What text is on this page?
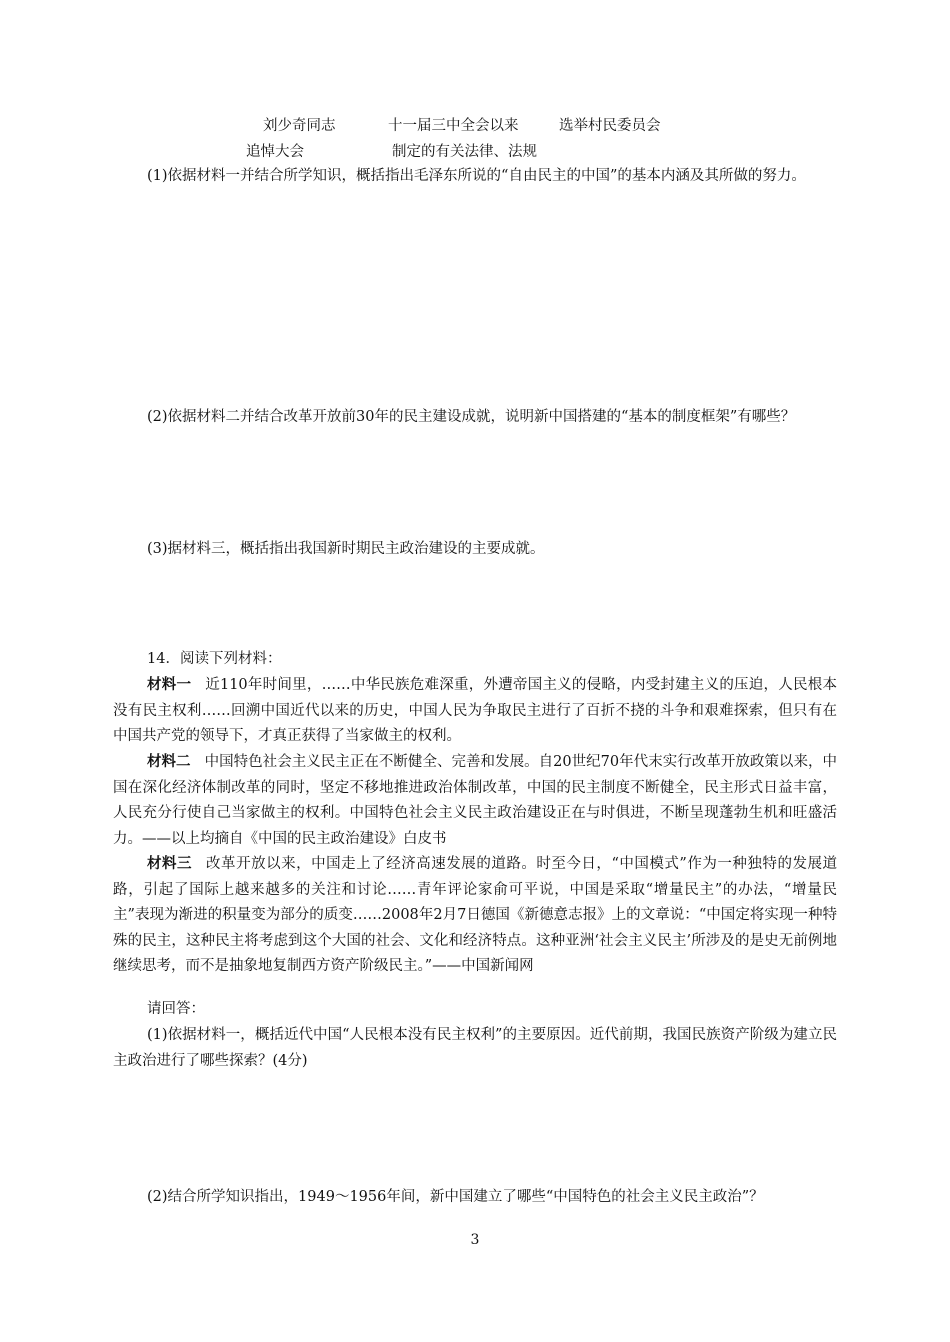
刘少奇同志	十一届三中全会以来	选举村民委员会
追悼大会	制定的有关法律、法规
(1)依据材料一并结合所学知识，概括指出毛泽东所说的“自由民主的中国”的基本内涵及其所做的努力。
(2)依据材料二并结合改革开放前30年的民主建设成就，说明新中国搭建的“基本的制度框架”有哪些？
(3)据材料三，概括指出我国新时期民主政治建设的主要成就。
14．阅读下列材料：
材料一 近110年时间里，……中华民族危难深重，外遭帝国主义的侵略，内受封建主义的压迫，人民根本没有民主权利……回溯中国近代以来的历史，中国人民为争取民主进行了百折不挠的斗争和艰难探索，但只有在中国共产党的领导下，才真正获得了当家做主的权利。
材料二 中国特色社会主义民主正在不断健全、完善和发展。自20世纪70年代末实行改革开放政策以来，中国在深化经济体制改革的同时，坚定不移地推进政治体制改革，中国的民主制度不断健全，民主形式日益丰富，人民充分行使自己当家做主的权利。中国特色社会主义民主政治建设正在与时俱进，不断呈现蓬勃生机和旺盛活力。——以上均摘自《中国的民主政治建设》白皮书
材料三 改革开放以来，中国走上了经济高速发展的道路。时至今日，“中国模式”作为一种独特的发展道路，引起了国际上越来越多的关注和讨论……青年评论家俞可平说，中国是采取“增量民主”的办法，“增量民主”表现为渐进的积量变为部分的质变……2008年2月7日德国《新德意志报》上的文章说：“中国定将实现一种特殊的民主，这种民主将考虑到这个大国的社会、文化和经济特点。这种亚洲‘社会主义民主’所涉及的是史无前例地继续思考，而不是抽象地复制西方资产阶级民主。”——中国新闻网
请回答：
(1)依据材料一，概括近代中国“人民根本没有民主权利”的主要原因。近代前期，我国民族资产阶级为建立民主政治进行了哪些探索？(4分)
(2)结合所学知识指出，1949～1956年间，新中国建立了哪些“中国特色的社会主义民主政治”？
3
